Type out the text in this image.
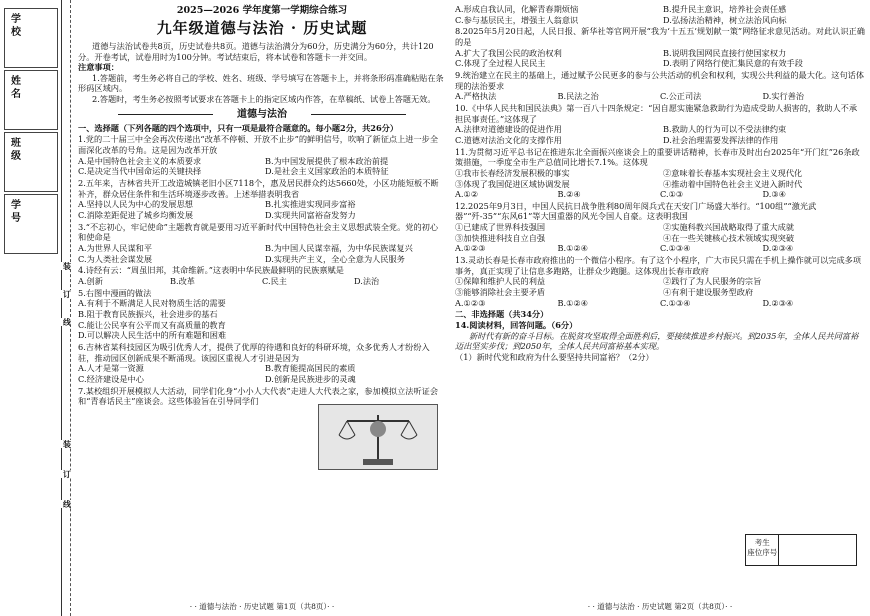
学 校
姓 名
班 级
学 号
装
订
线
装
订
线
2025—2026 学年度第一学期综合练习
九年级道德与法治 · 历史试题

道德与法治试卷共8页，历史试卷共8页。道德与法治满分为60分，历史满分为60分，共计120分。开卷考试，试卷用时为100分钟。考试结束后，将本试卷和答题卡一并交回。

注意事项：

1.答题前，考生务必将自己的学校、姓名、班级、学号填写在答题卡上，并将条形码准确粘贴在条形码区域内。

2.答题时，考生务必按照考试要求在答题卡上的指定区域内作答，在草稿纸、试卷上答题无效。

道德与法治

一、选择题（下列各题的四个选项中，只有一项是最符合题意的。每小题2分，共26分）

1.党的二十届三中全会再次传递出“改革不停顿、开放不止步”的鲜明信号，吹响了新征点上进一步全面深化改革的号角。这是因为改革开放

A.是中国特色社会主义的本质要求	B.为中国发展提供了根本政治前提
C.是决定当代中国命运的关键抉择	D.是社会主义国家政治的本质特征

2.五年来，吉林省共开工改造城镇老旧小区7118个，惠及居民群众约达5660处，小区功能短板不断补齐，群众居住条件和生活环境逐步改善。上述举措表明我省

A.坚持以人民为中心的发展思想	B.扎实推进实现同步富裕
C.消除差距促进了城乡均衡发展	D.实现共同富裕奋发努力

3.“不忘初心，牢记使命”主题教育就是要用习近平新时代中国特色社会主义思想武装全党。党的初心和使命是

A.为世界人民谋和平	B.为中国人民谋幸福，为中华民族谋复兴
C.为人类社会谋发展	D.实现共产主义，全心全意为人民服务

4.诗经有云：“周虽旧邦，其命维新。”这表明中华民族最鲜明的民族禀赋是

A.创新	B.改革	C.民主	D.法治

5.右图中漫画的做法

A.有利于不断满足人民对物质生活的需要

B.阻于教育民族振兴，社会进步的基石

C.能让公民享有公平而又有高质量的教育

D.可以解决人民生活中的所有难题和困难

6.吉林省某科技园区为吸引优秀人才，提供了优厚的待遇和良好的科研环境，众多优秀人才纷纷入驻，推动园区创新成果不断涌现。该园区重视人才引进是因为

A.人才是第一资源	B.教育能提高国民的素质
C.经济建设是中心	D.创新是民族进步的灵魂

7.某校组织开展模拟人大活动，同学们化身“小小人大代表”走进人大代表之家，参加模拟立法听证会和“青春话民主”座谈会。这些体验旨在引导同学们

· · 道德与法治 · 历史试题 第1页（共8页）· ·
A.形成自我认同，化解青春期烦恼	B.提升民主意识，培养社会责任感
C.参与基层民主，增强主人翁意识	D.弘扬法治精神，树立法治风向标

8.2025年5月20日起，人民日报、新华社等官网开展“我为‘十五五’规划献一策”网络征求意见活动。对此认识正确的是

A.扩大了我国公民的政治权利	B.说明我国网民直接行使国家权力
C.体现了全过程人民民主	D.表明了网络行使汇集民意的有效手段

9.统治建立在民主的基础上，通过赋予公民更多的参与公共活动的机会和权利，实现公共利益的最大化。这句话体现的法治要求

A.严格执法	B.民法之治	C.公正司法	D.实行善治

10.《中华人民共和国民法典》第一百八十四条规定：“因自愿实施紧急救助行为造成受助人损害的，救助人不承担民事责任。”这体现了

A.法律对道德建设的促进作用	B.救助人的行为可以不受法律约束
C.道德对法治文化的支撑作用	D.社会治理需要发挥法律的作用

11.为贯彻习近平总书记在推进东北全面振兴座谈会上的重要讲话精神，长春市及时出台2025年“开门红”26条政策措施，一季度全市生产总值同比增长7.1%。这体现

①我市长春经济发展积极的事实	②意味着长春基本实现社会主义现代化
③体现了我国促进区域协调发展	④推动着中国特色社会主义进入新时代
A.①②	B.②④	C.①③	D.③④

12.2025年9月3日，中国人民抗日战争胜利80周年阅兵式在天安门广场盛大举行。“100组”“激光武器”“歼-35”“东风61”等大国重器的风光令国人自豪。这表明我国

①已建成了世界科技强国	②实施科教兴国战略取得了重大成就
③加快推进科技自立自强	④在一些关键核心技术领域实现突破
A.①②③	B.①②④	C.①③④	D.②③④

13.灵动长春是长春市政府推出的一个微信小程序。有了这个小程序，广大市民只需在手机上操作就可以完成多项事务，真正实现了让信息多跑路，让群众少跑腿。这体现出长春市政府

①保障和维护人民的利益	②践行了为人民服务的宗旨
③能够消除社会主要矛盾	④有利于建设服务型政府
A.①②③	B.①②④	C.①③④	D.②③④

二、非选择题（共34分）

14.阅读材料，回答问题。（6分）

新时代有新的奋斗目标。在脱贫攻坚取得全面胜利后，要接续推进乡村振兴。到2035年，全体人民共同富裕迈出坚实步伐；到2050年，全体人民共同富裕基本实现。

（1）新时代党和政府为什么要坚持共同富裕？（2分）

考生
座位序号
· · 道德与法治 · 历史试题 第2页（共8页）· ·
